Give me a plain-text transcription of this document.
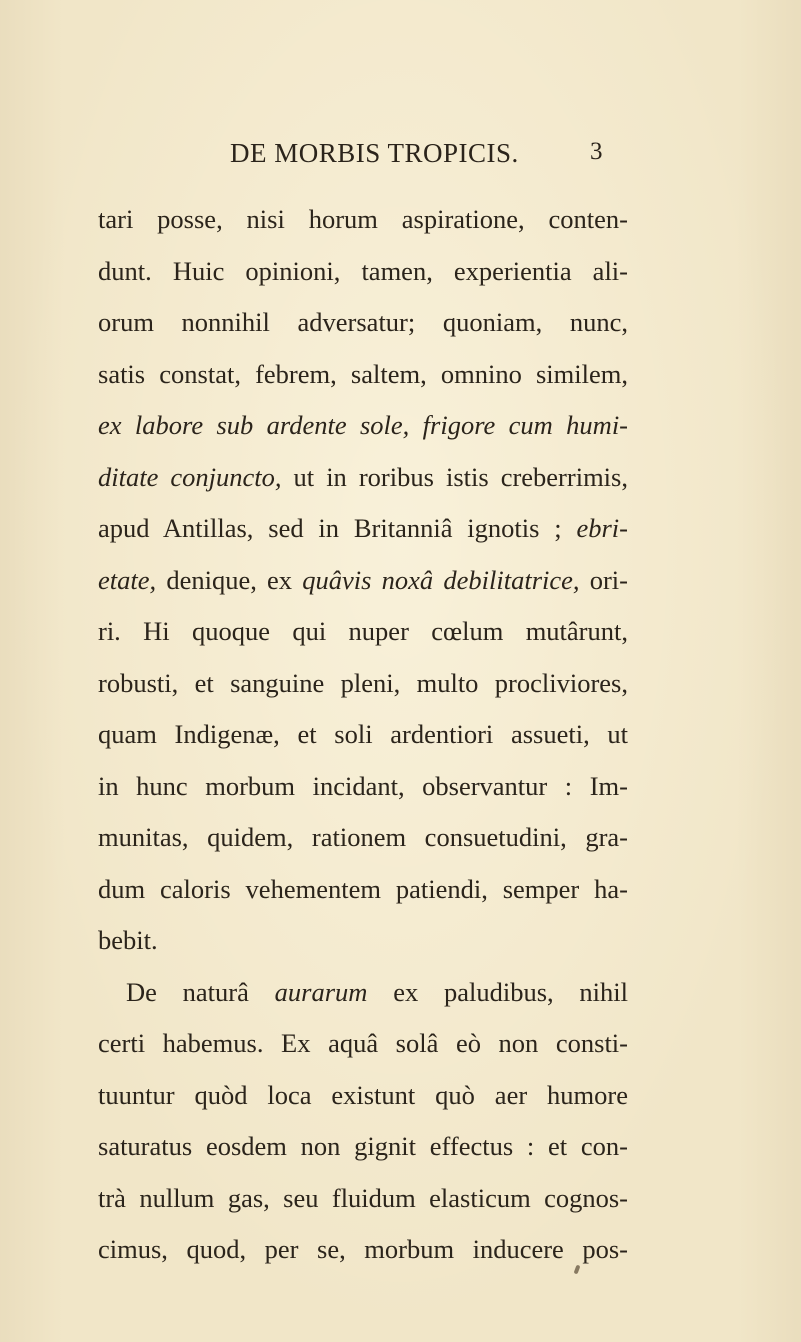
DE MORBIS TROPICIS.	3
tari posse, nisi horum aspiratione, conten-
dunt. Huic opinioni, tamen, experientia ali-
orum nonnihil adversatur; quoniam, nunc,
satis constat, febrem, saltem, omnino similem,
ex labore sub ardente sole, frigore cum humi-
ditate conjuncto, ut in roribus istis creberrimis,
apud Antillas, sed in Britanniâ ignotis ; ebri-
etate, denique, ex quâvis noxâ debilitatrice, ori-
ri. Hi quoque qui nuper cœlum mutârunt,
robusti, et sanguine pleni, multo procliviores,
quam Indigenæ, et soli ardentiori assueti, ut
in hunc morbum incidant, observantur : Im-
munitas, quidem, rationem consuetudini, gra-
dum caloris vehementem patiendi, semper ha-
bebit.
De naturâ aurarum ex paludibus, nihil
certi habemus. Ex aquâ solâ eò non consti-
tuuntur quòd loca existunt quò aer humore
saturatus eosdem non gignit effectus : et con-
trà nullum gas, seu fluidum elasticum cognos-
cimus, quod, per se, morbum inducere pos-
